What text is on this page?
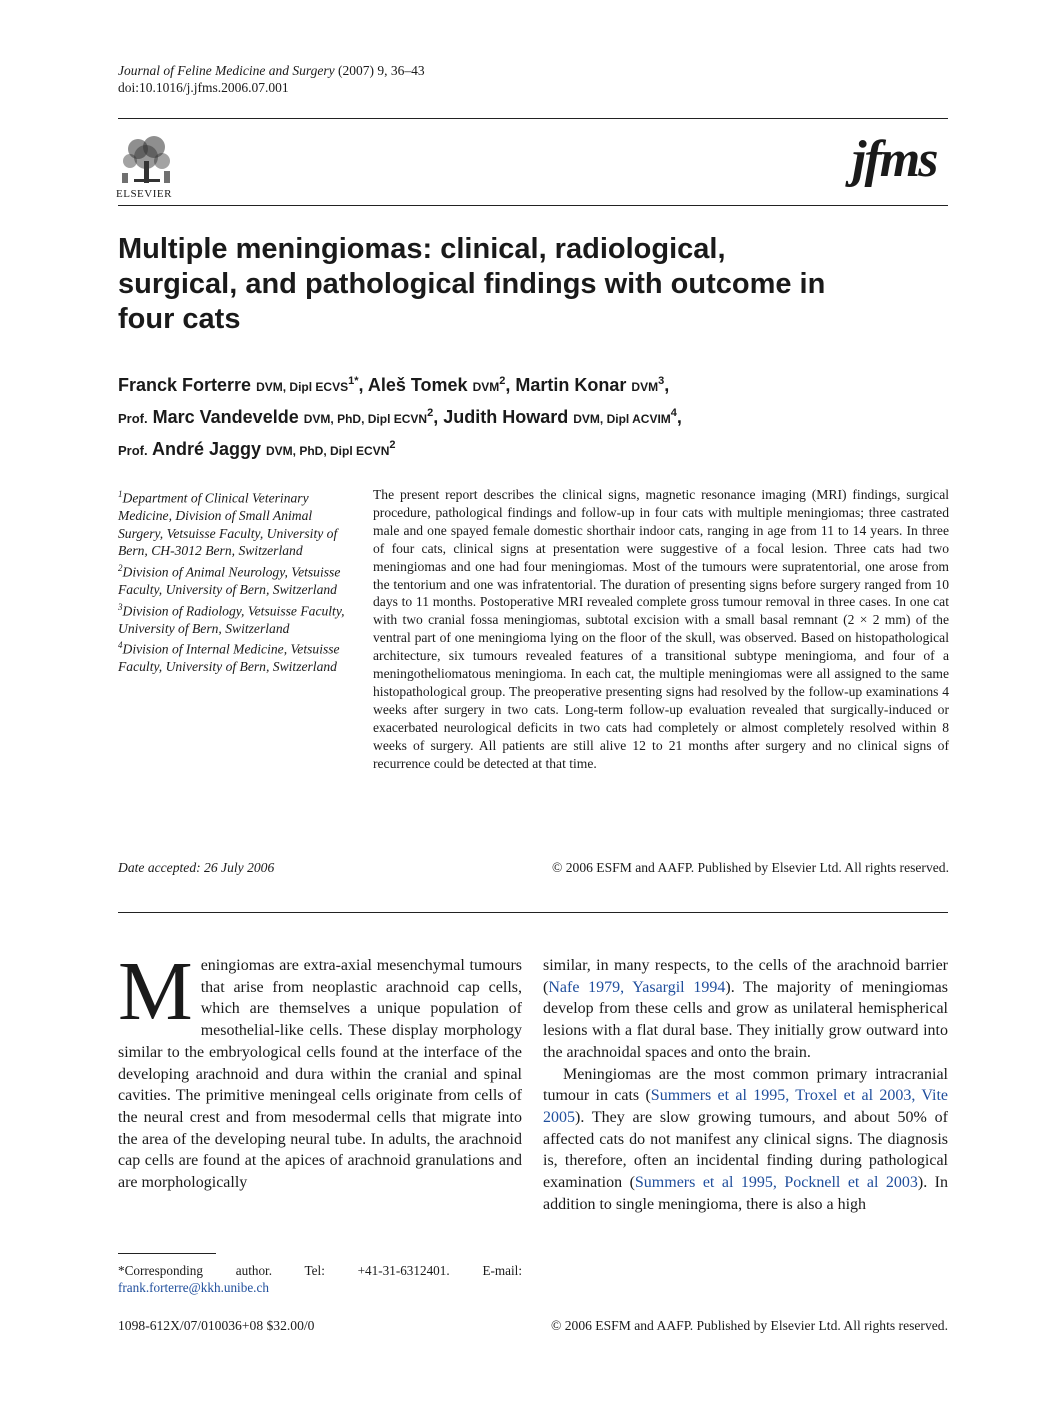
Journal of Feline Medicine and Surgery (2007) 9, 36–43
doi:10.1016/j.jfms.2006.07.001
ELSEVIER
jfms
Multiple meningiomas: clinical, radiological, surgical, and pathological findings with outcome in four cats
Franck Forterre DVM, Dipl $ECVS^{1*}$, Aleš Tomek DVM$^2$, Martin Konar DVM$^3$,
Prof. Marc Vandevelde DVM, PhD, Dipl ECVN$^2$, Judith Howard DVM, Dipl ACVIM$^4$,
Prof. André Jaggy DVM, PhD, Dipl ECVN$^2$

$^1$Department of Clinical Veterinary Medicine, Division of Small Animal Surgery, Vetsuisse Faculty, University of Bern, CH-3012 Bern, Switzerland

$^2$Division of Animal Neurology, Vetsuisse Faculty, University of Bern, Switzerland

$^3$Division of Radiology, Vetsuisse Faculty, University of Bern, Switzerland

$^4$Division of Internal Medicine, Vetsuisse Faculty, University of Bern, Switzerland

Date accepted: 26 July 2006
The present report describes the clinical signs, magnetic resonance imaging (MRI) findings, surgical procedure, pathological findings and follow-up in four cats with multiple meningiomas; three castrated male and one spayed female domestic shorthair indoor cats, ranging in age from 11 to 14 years. In three of four cats, clinical signs at presentation were suggestive of a focal lesion. Three cats had two meningiomas and one had four meningiomas. Most of the tumours were supratentorial, one arose from the tentorium and one was infratentorial. The duration of presenting signs before surgery ranged from 10 days to 11 months. Postoperative MRI revealed complete gross tumour removal in three cases. In one cat with two cranial fossa meningiomas, subtotal excision with a small basal remnant (2 × 2 mm) of the ventral part of one meningioma lying on the floor of the skull, was observed. Based on histopathological architecture, six tumours revealed features of a transitional subtype meningioma, and four of a meningotheliomatous meningioma. In each cat, the multiple meningiomas were all assigned to the same histopathological group. The preoperative presenting signs had resolved by the follow-up examinations 4 weeks after surgery in two cats. Long-term follow-up evaluation revealed that surgically-induced or exacerbated neurological deficits in two cats had completely or almost completely resolved within 8 weeks of surgery. All patients are still alive 12 to 21 months after surgery and no clinical signs of recurrence could be detected at that time.
© 2006 ESFM and AAFP. Published by Elsevier Ltd. All rights reserved.

Meningiomas are extra-axial mesenchymal tumours that arise from neoplastic arachnoid cap cells, which are themselves a unique population of mesothelial-like cells. These display morphology similar to the embryological cells found at the interface of the developing arachnoid and dura within the cranial and spinal cavities. The primitive meningeal cells originate from cells of the neural crest and from mesodermal cells that migrate into the area of the developing neural tube. In adults, the arachnoid cap cells are found at the apices of arachnoid granulations and are morphologically

similar, in many respects, to the cells of the arachnoid barrier (Nafe 1979, Yasargil 1994). The majority of meningiomas develop from these cells and grow as unilateral hemispherical lesions with a flat dural base. They initially grow outward into the arachnoidal spaces and onto the brain.

Meningiomas are the most common primary intracranial tumour in cats (Summers et al 1995, Troxel et al 2003, Vite 2005). They are slow growing tumours, and about 50% of affected cats do not manifest any clinical signs. The diagnosis is, therefore, often an incidental finding during pathological examination (Summers et al 1995, Pocknell et al 2003). In addition to single meningioma, there is also a high

*Corresponding author. Tel: +41-31-6312401. E-mail: frank.forterre@kkh.unibe.ch
1098-612X/07/010036+08 $32.00/0	© 2006 ESFM and AAFP. Published by Elsevier Ltd. All rights reserved.
